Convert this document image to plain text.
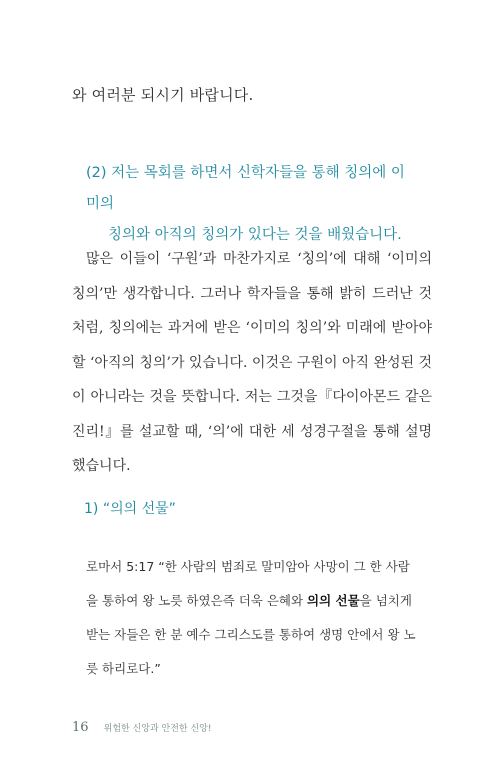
와 여러분 되시기 바랍니다.
(2) 저는 목회를 하면서 신학자들을 통해 칭의에 이미의
칭의와 아직의 칭의가 있다는 것을 배웠습니다.
많은 이들이 ‘구원’과 마찬가지로 ‘칭의’에 대해 ‘이미의 칭의’만 생각합니다. 그러나 학자들을 통해 밝히 드러난 것처럼, 칭의에는 과거에 받은 ‘이미의 칭의’와 미래에 받아야 할 ‘아직의 칭의’가 있습니다. 이것은 구원이 아직 완성된 것이 아니라는 것을 뜻합니다. 저는 그것을『다이아몬드 같은 진리!』를 설교할 때, ‘의’에 대한 세 성경구절을 통해 설명했습니다.
1) “의의 선물”
로마서 5:17 “한 사람의 범죄로 말미암아 사망이 그 한 사람을 통하여 왕 노릇 하였은즉 더욱 은혜와 의의 선물을 넘치게 받는 자들은 한 분 예수 그리스도를 통하여 생명 안에서 왕 노릇 하리로다.”
16 위험한 신앙과 안전한 신앙!
